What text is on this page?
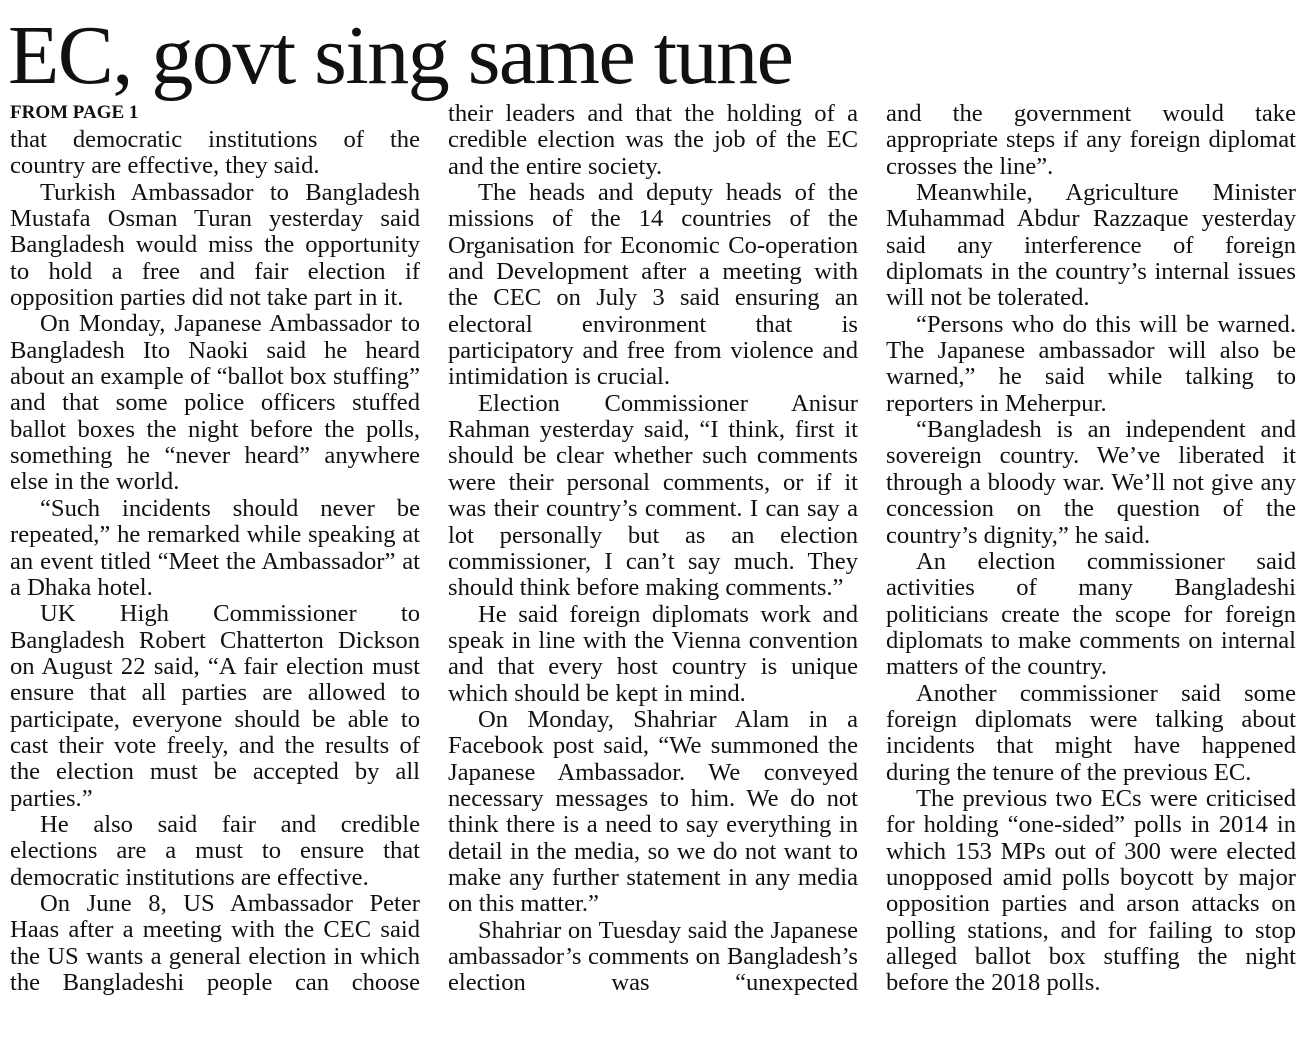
EC, govt sing same tune
FROM PAGE 1

that democratic institutions of the country are effective, they said.

Turkish Ambassador to Bangladesh Mustafa Osman Turan yesterday said Bangladesh would miss the opportunity to hold a free and fair election if opposition parties did not take part in it.

On Monday, Japanese Ambassador to Bangladesh Ito Naoki said he heard about an example of “ballot box stuffing” and that some police officers stuffed ballot boxes the night before the polls, something he “never heard” anywhere else in the world.

“Such incidents should never be repeated,” he remarked while speaking at an event titled “Meet the Ambassador” at a Dhaka hotel.

UK High Commissioner to Bangladesh Robert Chatterton Dickson on August 22 said, “A fair election must ensure that all parties are allowed to participate, everyone should be able to cast their vote freely, and the results of the election must be accepted by all parties.”

He also said fair and credible elections are a must to ensure that democratic institutions are effective.

On June 8, US Ambassador Peter Haas after a meeting with the CEC said the US wants a general election in which the Bangladeshi people can choose

their leaders and that the holding of a credible election was the job of the EC and the entire society.

The heads and deputy heads of the missions of the 14 countries of the Organisation for Economic Co-operation and Development after a meeting with the CEC on July 3 said ensuring an electoral environment that is participatory and free from violence and intimidation is crucial.

Election Commissioner Anisur Rahman yesterday said, “I think, first it should be clear whether such comments were their personal comments, or if it was their country’s comment. I can say a lot personally but as an election commissioner, I can’t say much. They should think before making comments.”

He said foreign diplomats work and speak in line with the Vienna convention and that every host country is unique which should be kept in mind.

On Monday, Shahriar Alam in a Facebook post said, “We summoned the Japanese Ambassador. We conveyed necessary messages to him. We do not think there is a need to say everything in detail in the media, so we do not want to make any further statement in any media on this matter.”

Shahriar on Tuesday said the Japanese ambassador’s comments on Bangladesh’s election was “unexpected

and the government would take appropriate steps if any foreign diplomat crosses the line”.

Meanwhile, Agriculture Minister Muhammad Abdur Razzaque yesterday said any interference of foreign diplomats in the country’s internal issues will not be tolerated.

“Persons who do this will be warned. The Japanese ambassador will also be warned,” he said while talking to reporters in Meherpur.

“Bangladesh is an independent and sovereign country. We’ve liberated it through a bloody war. We’ll not give any concession on the question of the country’s dignity,” he said.

An election commissioner said activities of many Bangladeshi politicians create the scope for foreign diplomats to make comments on internal matters of the country.

Another commissioner said some foreign diplomats were talking about incidents that might have happened during the tenure of the previous EC.

The previous two ECs were criticised for holding “one-sided” polls in 2014 in which 153 MPs out of 300 were elected unopposed amid polls boycott by major opposition parties and arson attacks on polling stations, and for failing to stop alleged ballot box stuffing the night before the 2018 polls.
